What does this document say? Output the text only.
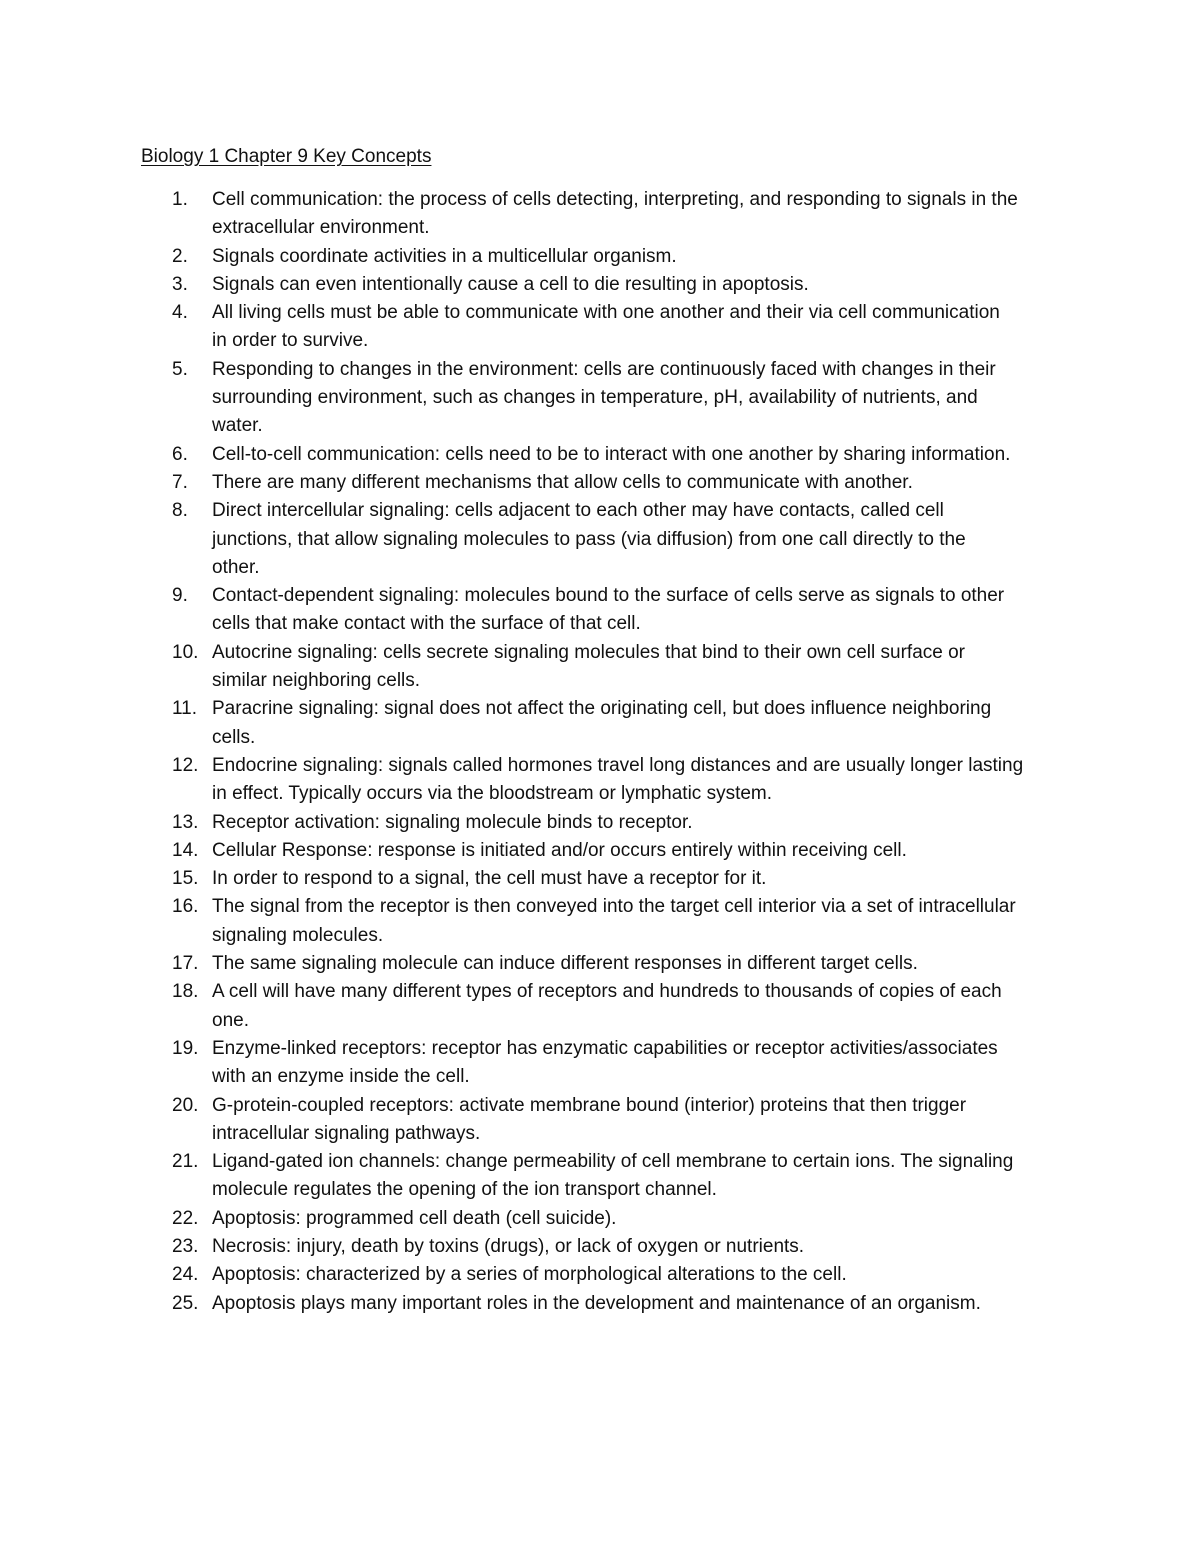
Biology 1 Chapter 9 Key Concepts
1. Cell communication: the process of cells detecting, interpreting, and responding to signals in the
extracellular environment.
2. Signals coordinate activities in a multicellular organism.
3. Signals can even intentionally cause a cell to die resulting in apoptosis.
4. All living cells must be able to communicate with one another and their via cell communication
in order to survive.
5. Responding to changes in the environment: cells are continuously faced with changes in their
surrounding environment, such as changes in temperature, pH, availability of nutrients, and
water.
6. Cell-to-cell communication: cells need to be to interact with one another by sharing information.
7. There are many different mechanisms that allow cells to communicate with another.
8. Direct intercellular signaling: cells adjacent to each other may have contacts, called cell
junctions, that allow signaling molecules to pass (via diffusion) from one call directly to the
other.
9. Contact-dependent signaling: molecules bound to the surface of cells serve as signals to other
cells that make contact with the surface of that cell.
10. Autocrine signaling: cells secrete signaling molecules that bind to their own cell surface or
similar neighboring cells.
11. Paracrine signaling: signal does not affect the originating cell, but does influence neighboring
cells.
12. Endocrine signaling: signals called hormones travel long distances and are usually longer lasting
in effect. Typically occurs via the bloodstream or lymphatic system.
13. Receptor activation: signaling molecule binds to receptor.
14. Cellular Response: response is initiated and/or occurs entirely within receiving cell.
15. In order to respond to a signal, the cell must have a receptor for it.
16. The signal from the receptor is then conveyed into the target cell interior via a set of intracellular
signaling molecules.
17. The same signaling molecule can induce different responses in different target cells.
18. A cell will have many different types of receptors and hundreds to thousands of copies of each
one.
19. Enzyme-linked receptors: receptor has enzymatic capabilities or receptor activities/associates
with an enzyme inside the cell.
20. G-protein-coupled receptors: activate membrane bound (interior) proteins that then trigger
intracellular signaling pathways.
21. Ligand-gated ion channels: change permeability of cell membrane to certain ions. The signaling
molecule regulates the opening of the ion transport channel.
22. Apoptosis: programmed cell death (cell suicide).
23. Necrosis: injury, death by toxins (drugs), or lack of oxygen or nutrients.
24. Apoptosis: characterized by a series of morphological alterations to the cell.
25. Apoptosis plays many important roles in the development and maintenance of an organism.
